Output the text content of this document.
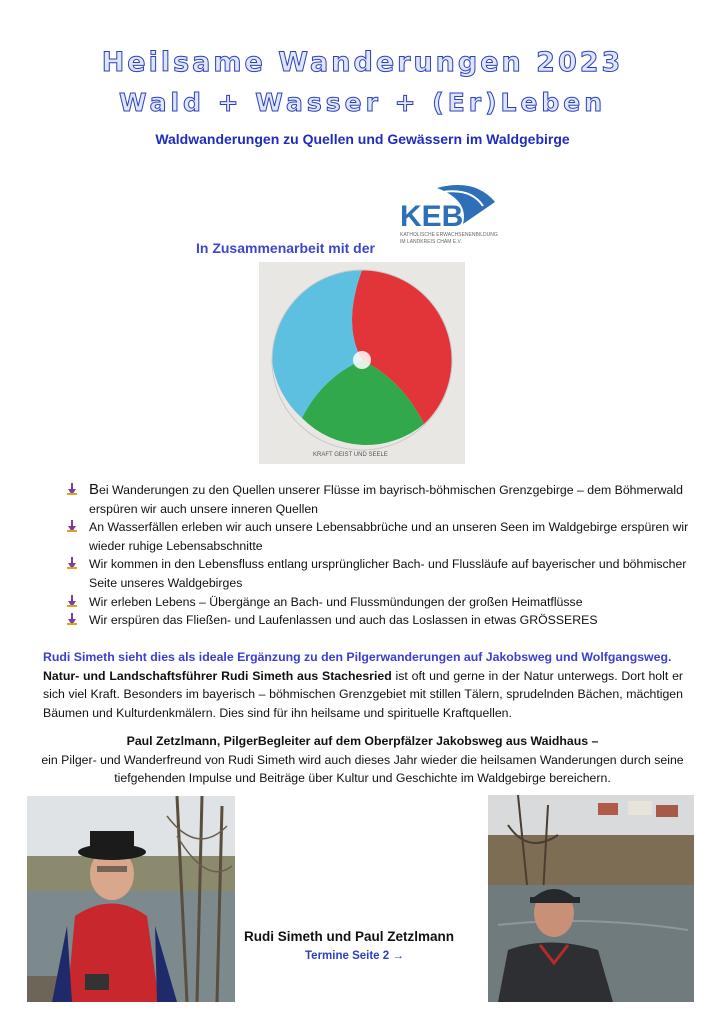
Heilsame Wanderungen 2023
Wald + Wasser + (Er)Leben
Waldwanderungen zu Quellen und Gewässern im Waldgebirge
KEB
KATHOLISCHE ERWACHSENENBILDUNG
IM LANDKREIS CHAM E.V.
In Zusammenarbeit mit der
KRAFT GEIST UND SEELE
Bei Wanderungen zu den Quellen unserer Flüsse im bayrisch-böhmischen Grenzgebirge – dem Böhmerwald erspüren wir auch unsere inneren Quellen
An Wasserfällen erleben wir auch unsere Lebensabbrüche und an unseren Seen im Waldgebirge erspüren wir wieder ruhige Lebensabschnitte
Wir kommen in den Lebensfluss entlang ursprünglicher Bach- und Flussläufe auf bayerischer und böhmischer Seite unseres Waldgebirges
Wir erleben Lebens – Übergänge an Bach- und Flussmündungen der großen Heimatflüsse
Wir erspüren das Fließen- und Laufenlassen und auch das Loslassen in etwas GRÖSSERES
Rudi Simeth sieht dies als ideale Ergänzung zu den Pilgerwanderungen auf Jakobsweg und Wolfgangsweg.
Natur- und Landschaftsführer Rudi Simeth aus Stachesried ist oft und gerne in der Natur unterwegs. Dort holt er sich viel Kraft. Besonders im bayerisch – böhmischen Grenzgebiet mit stillen Tälern, sprudelnden Bächen, mächtigen Bäumen und Kulturdenkmälern. Dies sind für ihn heilsame und spirituelle Kraftquellen.
Paul Zetzlmann, PilgerBegleiter auf dem Oberpfälzer Jakobsweg aus Waidhaus –
ein Pilger- und Wanderfreund von Rudi Simeth wird auch dieses Jahr wieder die heilsamen Wanderungen durch seine tiefgehenden Impulse und Beiträge über Kultur und Geschichte im Waldgebirge bereichern.
Rudi Simeth und Paul Zetzlmann
Termine Seite 2 →
